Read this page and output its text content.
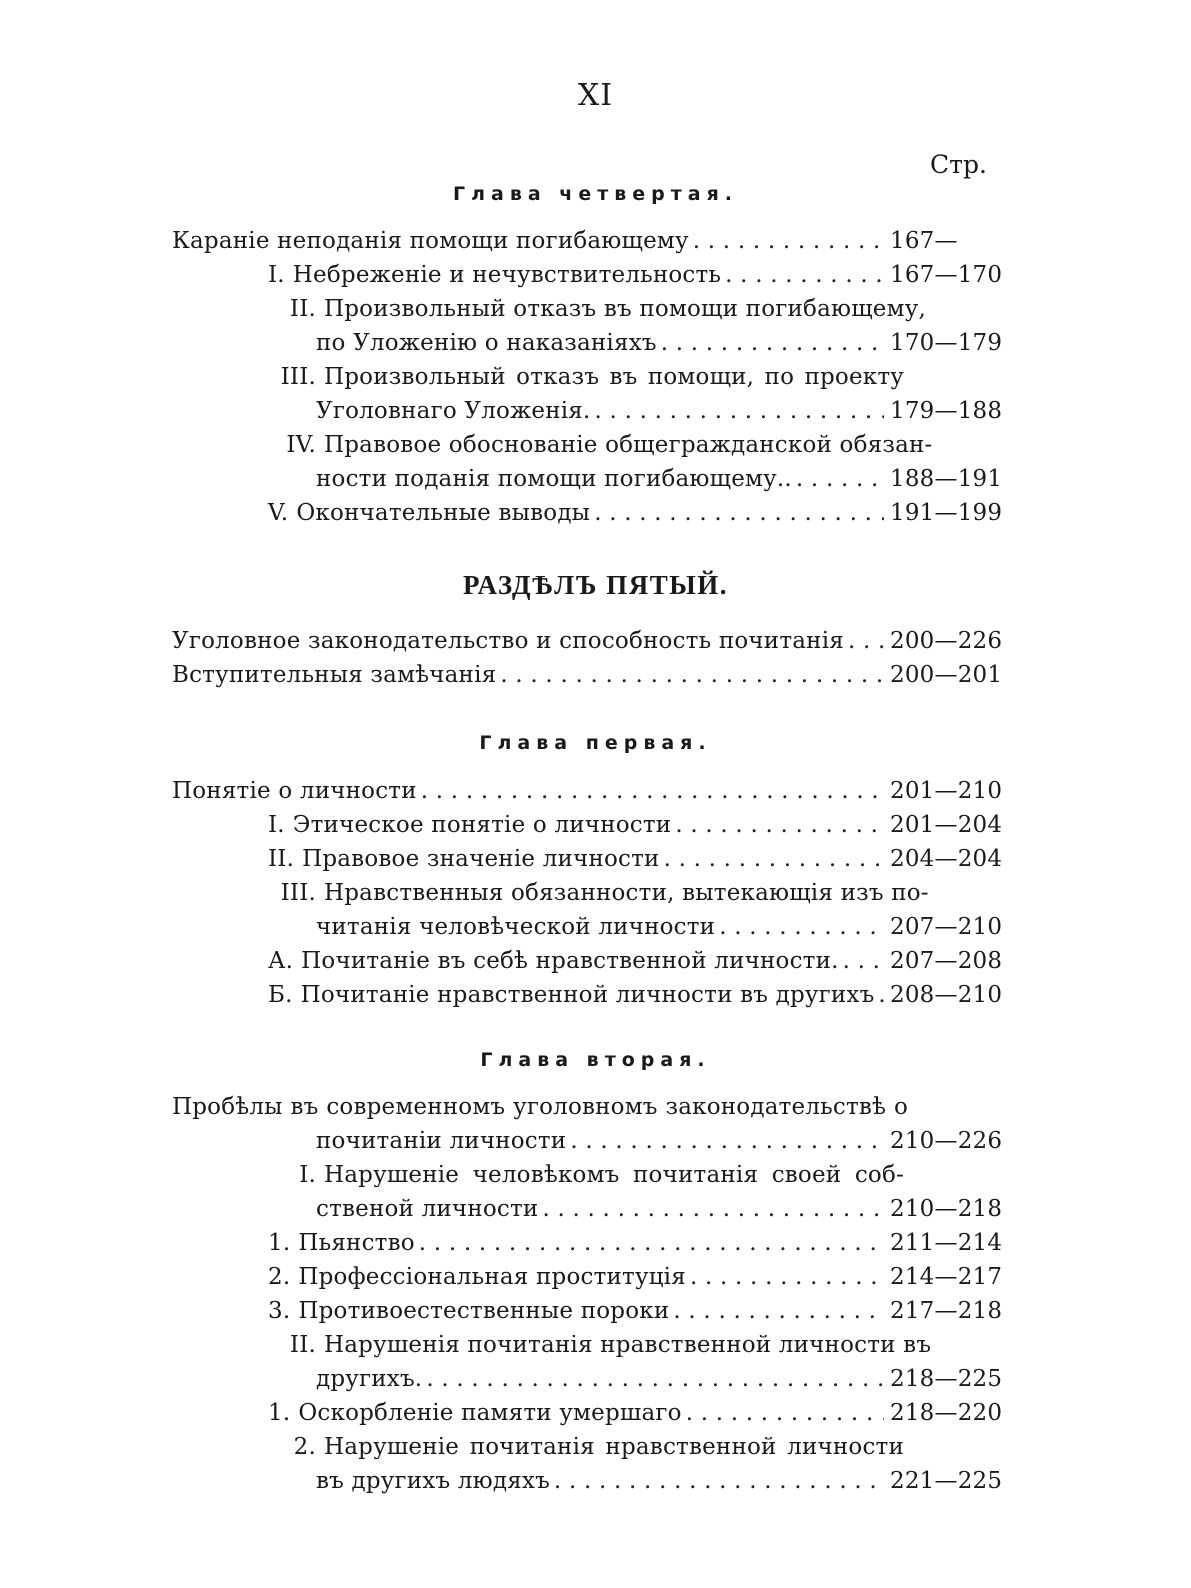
XI
Стр.
Глава четвертая.
Караніе неподанія помощи погибающему . . .	167—
I. Небреженіе и нечувствительность . . .	167—170
II. Произвольный отказъ въ помощи погибающему,
по Уложенію о наказаніяхъ . . .	170—179
III. Произвольный отказъ въ помощи, по проекту
Уголовнаго Уложенія. . . .	179—188
IV. Правовое обоснованіе общегражданской обязан-
ности поданія помощи погибающему.. . . .	188—191
V. Окончательные выводы . . .	191—199
РАЗДѢЛЪ ПЯТЫЙ.
Уголовное законодательство и способность почитанія . . . 200—226
Вступительныя замѣчанія . . .	200—201
Глава первая.
Понятіе о личности . . .	201—210
I. Этическое понятіе о личности . . .	201—204
II. Правовое значеніе личности . . .	204—204
III. Нравственныя обязанности, вытекающія изъ по-
читанія человѣческой личности . . .	207—210
А. Почитаніе въ себѣ нравственной личности. . . . 207—208
Б. Почитаніе нравственной личности въ другихъ . . . 208—210
Глава вторая.
Пробѣлы въ современномъ уголовномъ законодательствѣ о
почитаніи личности . . .	210—226
I. Нарушеніе человѣкомъ почитанія своей соб-
ственой личности . . .	210—218
1. Пьянство . . .	211—214
2. Профессіональная проституція . . .	214—217
3. Противоестественные пороки . . .	217—218
II. Нарушенія почитанія нравственной личности въ
другихъ. . . .	218—225
1. Оскорбленіе памяти умершаго . . .	218—220
2. Нарушеніе почитанія нравственной личности
въ другихъ людяхъ . . .	221—225
